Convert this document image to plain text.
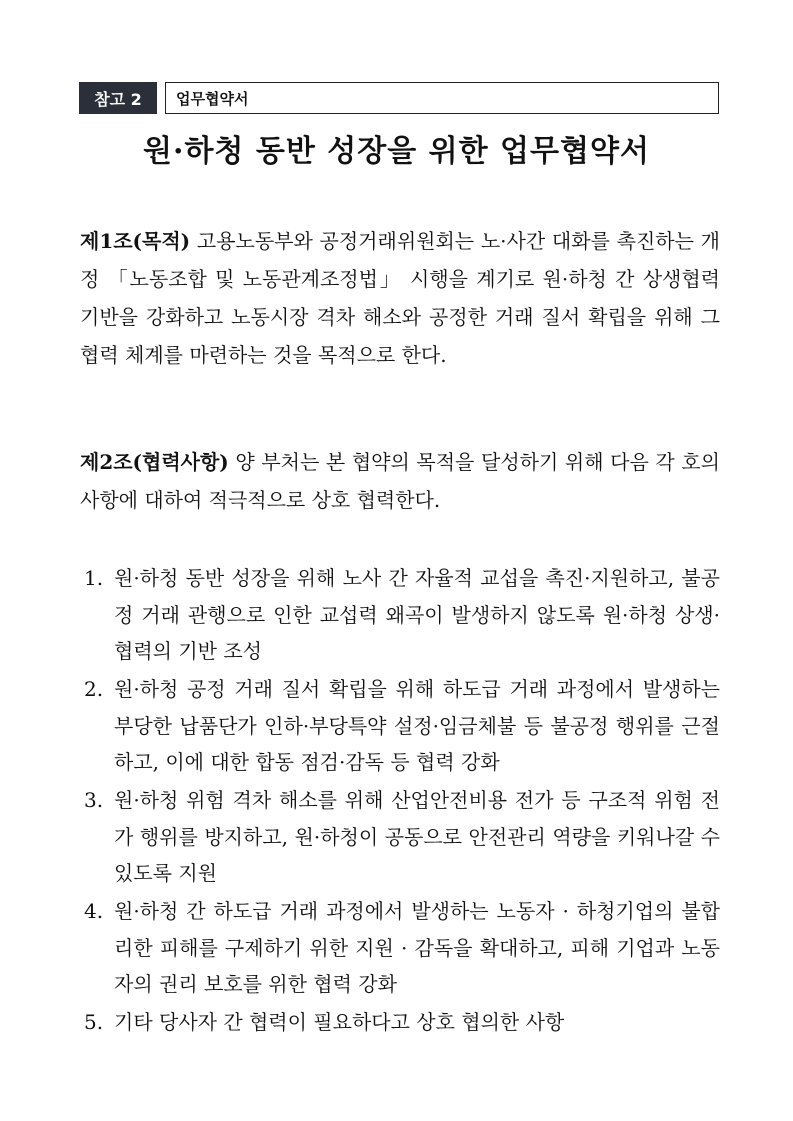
참고 2	업무협약서
원·하청 동반 성장을 위한 업무협약서
제1조(목적) 고용노동부와 공정거래위원회는 노·사간 대화를 촉진하는 개정 「노동조합 및 노동관계조정법」 시행을 계기로 원·하청 간 상생협력 기반을 강화하고 노동시장 격차 해소와 공정한 거래 질서 확립을 위해 그 협력 체계를 마련하는 것을 목적으로 한다.
제2조(협력사항) 양 부처는 본 협약의 목적을 달성하기 위해 다음 각 호의 사항에 대하여 적극적으로 상호 협력한다.
1. 원·하청 동반 성장을 위해 노사 간 자율적 교섭을 촉진·지원하고, 불공정 거래 관행으로 인한 교섭력 왜곡이 발생하지 않도록 원·하청 상생·협력의 기반 조성
2. 원·하청 공정 거래 질서 확립을 위해 하도급 거래 과정에서 발생하는 부당한 납품단가 인하·부당특약 설정·임금체불 등 불공정 행위를 근절하고, 이에 대한 합동 점검·감독 등 협력 강화
3. 원·하청 위험 격차 해소를 위해 산업안전비용 전가 등 구조적 위험 전가 행위를 방지하고, 원·하청이 공동으로 안전관리 역량을 키워나갈 수 있도록 지원
4. 원·하청 간 하도급 거래 과정에서 발생하는 노동자 · 하청기업의 불합리한 피해를 구제하기 위한 지원 · 감독을 확대하고, 피해 기업과 노동자의 권리 보호를 위한 협력 강화
5. 기타 당사자 간 협력이 필요하다고 상호 협의한 사항
